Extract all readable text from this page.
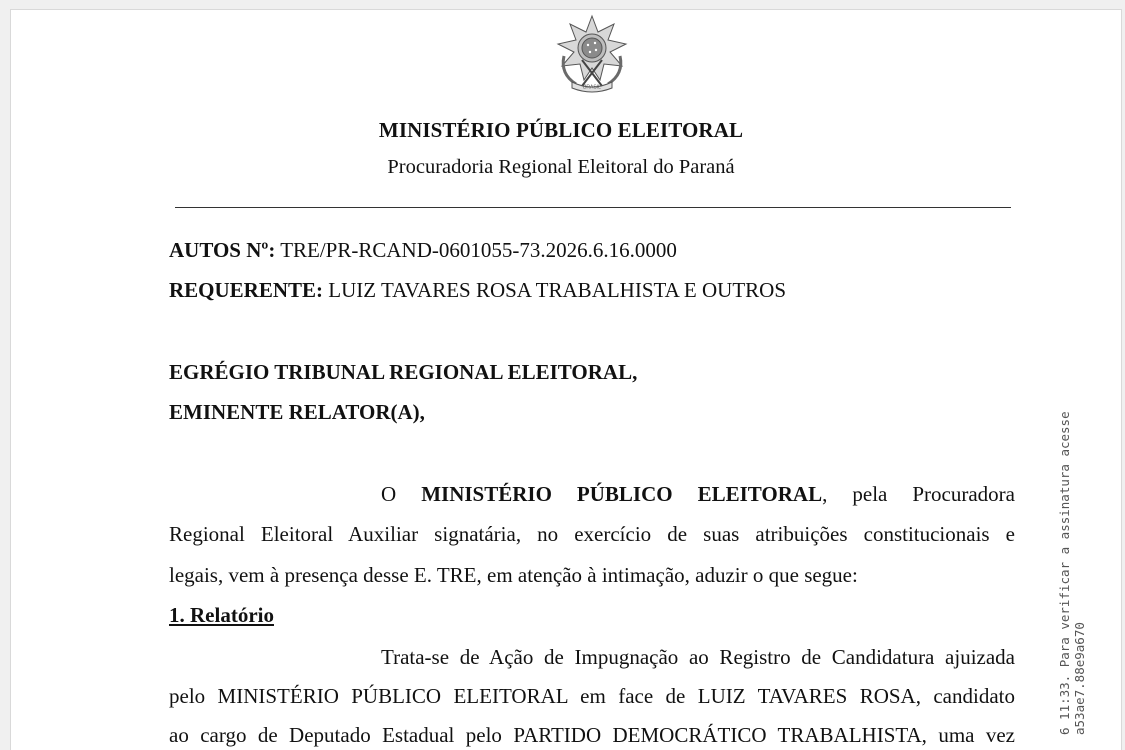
BRASIL
MINISTÉRIO PÚBLICO ELEITORAL
Procuradoria Regional Eleitoral do Paraná
AUTOS Nº: TRE/PR-RCAND-0601055-73.2026.6.16.0000
REQUERENTE: LUIZ TAVARES ROSA TRABALHISTA E OUTROS
EGRÉGIO TRIBUNAL REGIONAL ELEITORAL,
EMINENTE RELATOR(A),
O MINISTÉRIO PÚBLICO ELEITORAL, pela Procuradora
Regional Eleitoral Auxiliar signatária, no exercício de suas atribuições constitucionais e
legais, vem à presença desse E. TRE, em atenção à intimação, aduzir o que segue:
1. Relatório
Trata-se de Ação de Impugnação ao Registro de Candidatura ajuizada
pelo MINISTÉRIO PÚBLICO ELEITORAL em face de LUIZ TAVARES ROSA, candidato
ao cargo de Deputado Estadual pelo PARTIDO DEMOCRÁTICO TRABALHISTA, uma vez	6 11:33. Para verificar a assinatura acesse a53ae7.88e9a670
